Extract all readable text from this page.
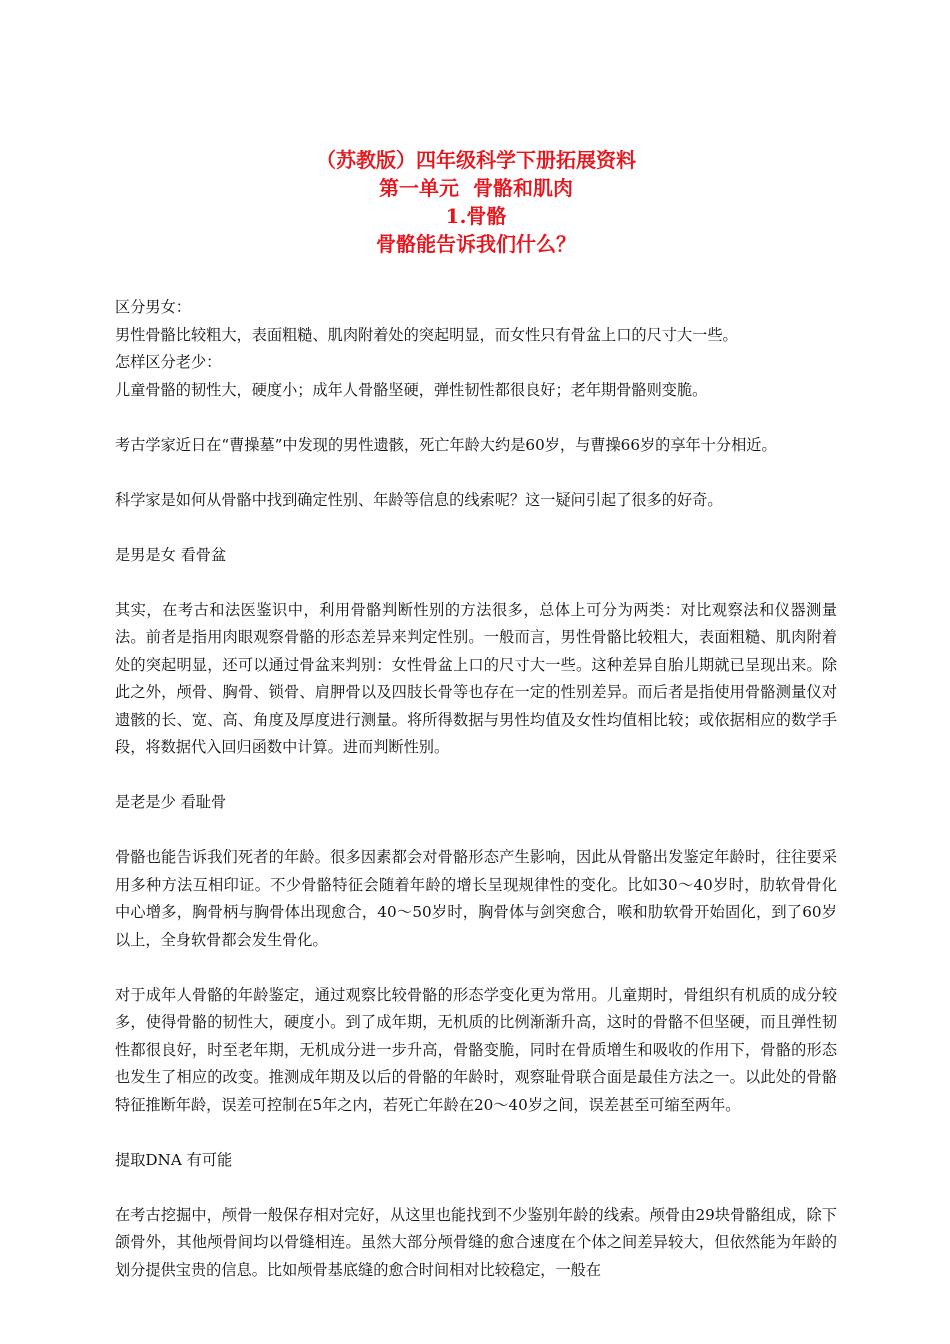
（苏教版）四年级科学下册拓展资料
第一单元  骨骼和肌肉
1.骨骼
骨骼能告诉我们什么？

区分男女：

男性骨骼比较粗大，表面粗糙、肌肉附着处的突起明显，而女性只有骨盆上口的尺寸大一些。

怎样区分老少：

儿童骨骼的韧性大，硬度小；成年人骨骼坚硬，弹性韧性都很良好；老年期骨骼则变脆。

考古学家近日在“曹操墓”中发现的男性遗骸，死亡年龄大约是60岁，与曹操66岁的享年十分相近。

科学家是如何从骨骼中找到确定性别、年龄等信息的线索呢？这一疑问引起了很多的好奇。

是男是女 看骨盆

其实，在考古和法医鉴识中，利用骨骼判断性别的方法很多，总体上可分为两类：对比观察法和仪器测量法。前者是指用肉眼观察骨骼的形态差异来判定性别。一般而言，男性骨骼比较粗大，表面粗糙、肌肉附着处的突起明显，还可以通过骨盆来判别：女性骨盆上口的尺寸大一些。这种差异自胎儿期就已呈现出来。除此之外，颅骨、胸骨、锁骨、肩胛骨以及四肢长骨等也存在一定的性别差异。而后者是指使用骨骼测量仪对遗骸的长、宽、高、角度及厚度进行测量。将所得数据与男性均值及女性均值相比较；或依据相应的数学手段，将数据代入回归函数中计算。进而判断性别。

是老是少 看耻骨

骨骼也能告诉我们死者的年龄。很多因素都会对骨骼形态产生影响，因此从骨骼出发鉴定年龄时，往往要采用多种方法互相印证。不少骨骼特征会随着年龄的增长呈现规律性的变化。比如30～40岁时，肋软骨骨化中心增多，胸骨柄与胸骨体出现愈合，40～50岁时，胸骨体与剑突愈合，喉和肋软骨开始固化，到了60岁以上，全身软骨都会发生骨化。

对于成年人骨骼的年龄鉴定，通过观察比较骨骼的形态学变化更为常用。儿童期时，骨组织有机质的成分较多，使得骨骼的韧性大，硬度小。到了成年期，无机质的比例渐渐升高，这时的骨骼不但坚硬，而且弹性韧性都很良好，时至老年期，无机成分进一步升高，骨骼变脆，同时在骨质增生和吸收的作用下，骨骼的形态也发生了相应的改变。推测成年期及以后的骨骼的年龄时，观察耻骨联合面是最佳方法之一。以此处的骨骼特征推断年龄，误差可控制在5年之内，若死亡年龄在20～40岁之间，误差甚至可缩至两年。

提取DNA 有可能

在考古挖掘中，颅骨一般保存相对完好，从这里也能找到不少鉴别年龄的线索。颅骨由29块骨骼组成，除下颌骨外，其他颅骨间均以骨缝相连。虽然大部分颅骨缝的愈合速度在个体之间差异较大，但依然能为年龄的划分提供宝贵的信息。比如颅骨基底缝的愈合时间相对比较稳定，一般在
